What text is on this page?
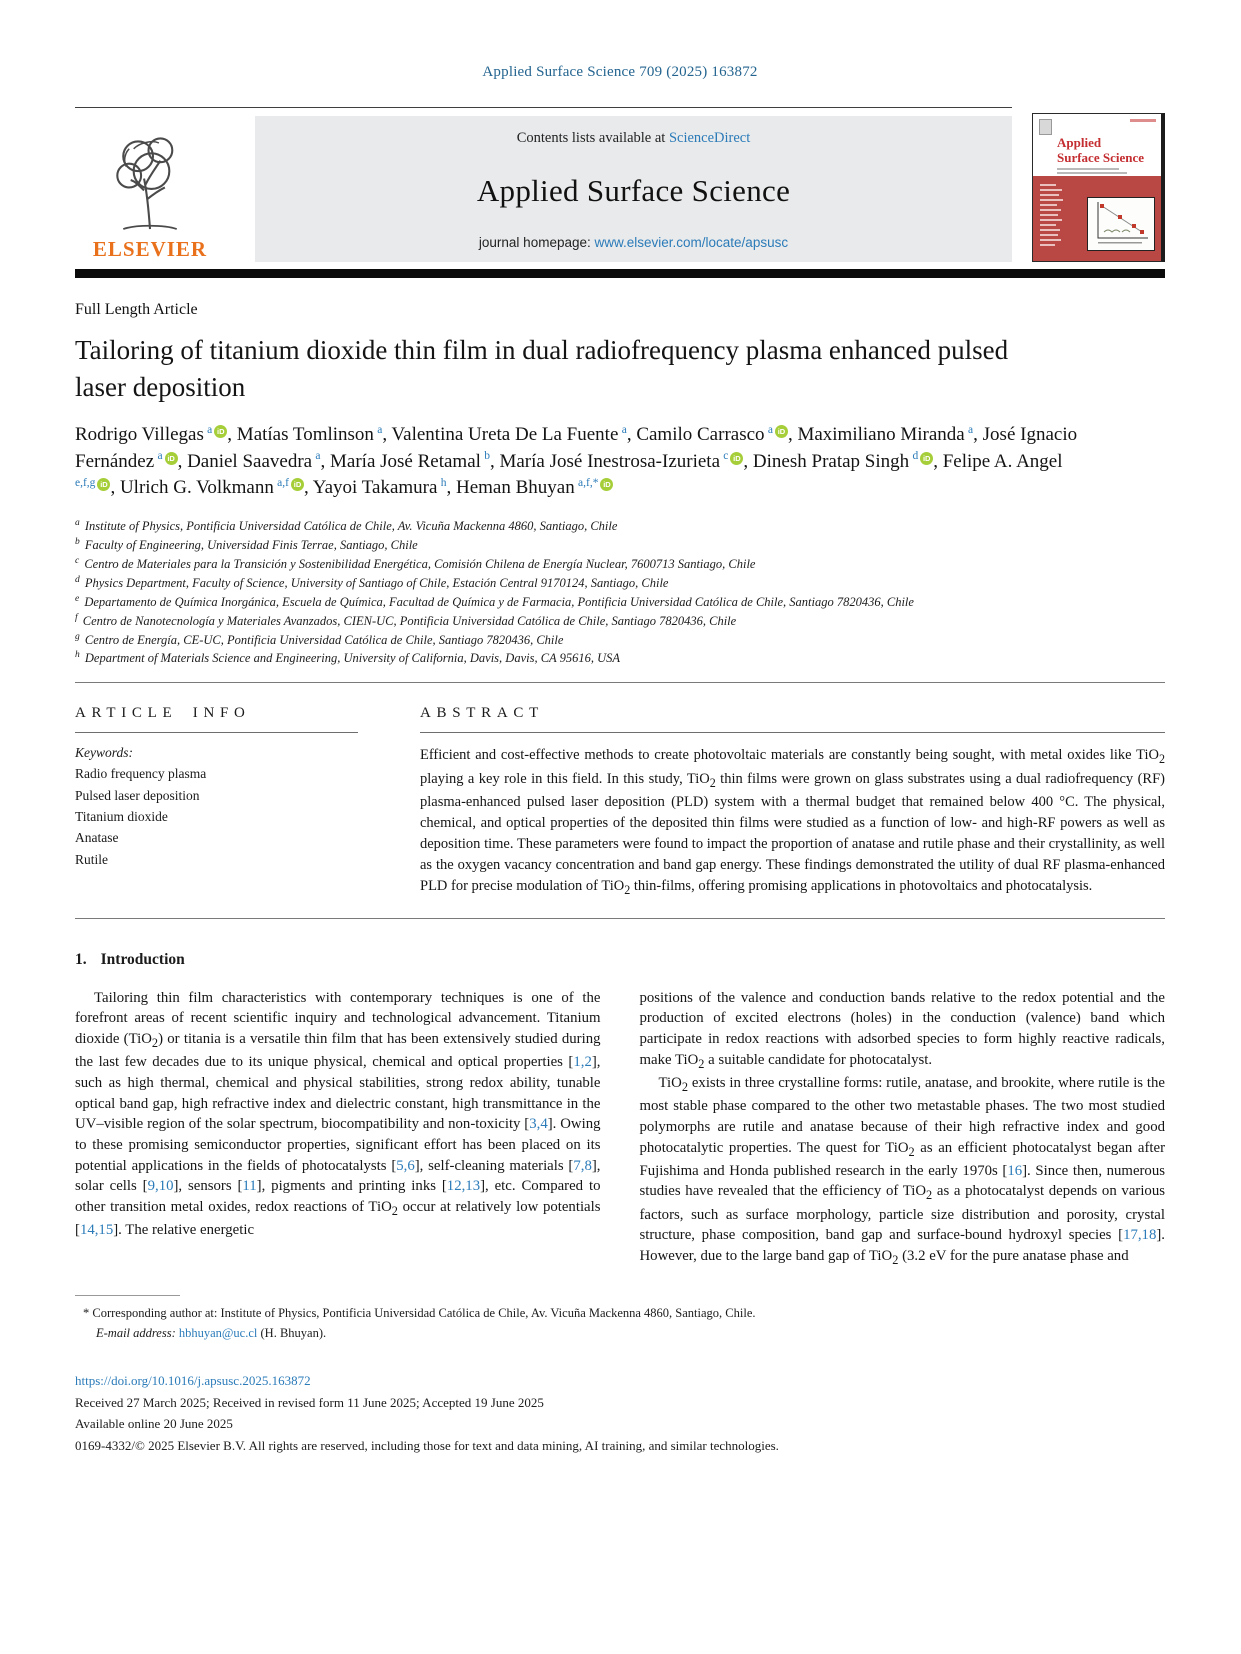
Applied Surface Science 709 (2025) 163872
ELSEVIER
Contents lists available at ScienceDirect
Applied Surface Science
journal homepage: www.elsevier.com/locate/apsusc
Applied
Surface Science
Full Length Article
Tailoring of titanium dioxide thin film in dual radiofrequency plasma enhanced pulsed laser deposition
Rodrigo Villegas $^a$ iD , Matías Tomlinson $^a$, Valentina Ureta De La Fuente $^a$, Camilo Carrasco $^a$ iD , Maximiliano Miranda $^a$, José Ignacio Fernández $^a$ iD , Daniel Saavedra $^a$, María José Retamal $^b$, María José Inestrosa-Izurieta $^c$ iD , Dinesh Pratap Singh $^d$ iD , Felipe A. Angel $^{e,f,g}$ iD , Ulrich G. Volkmann $^{a,f}$ iD , Yayoi Takamura $^h$, Heman Bhuyan $^{a,f,*}$ iD
$^a$ Institute of Physics, Pontificia Universidad Católica de Chile, Av. Vicuña Mackenna 4860, Santiago, Chile
$^b$ Faculty of Engineering, Universidad Finis Terrae, Santiago, Chile
$^c$ Centro de Materiales para la Transición y Sostenibilidad Energética, Comisión Chilena de Energía Nuclear, 7600713 Santiago, Chile
$^d$ Physics Department, Faculty of Science, University of Santiago of Chile, Estación Central 9170124, Santiago, Chile
$^e$ Departamento de Química Inorgánica, Escuela de Química, Facultad de Química y de Farmacia, Pontificia Universidad Católica de Chile, Santiago 7820436, Chile
$^f$ Centro de Nanotecnología y Materiales Avanzados, CIEN-UC, Pontificia Universidad Católica de Chile, Santiago 7820436, Chile
$^g$ Centro de Energía, CE-UC, Pontificia Universidad Católica de Chile, Santiago 7820436, Chile
$^h$ Department of Materials Science and Engineering, University of California, Davis, Davis, CA 95616, USA
ARTICLE INFO
Keywords:
Radio frequency plasma
Pulsed laser deposition
Titanium dioxide
Anatase
Rutile
ABSTRACT
Efficient and cost-effective methods to create photovoltaic materials are constantly being sought, with metal oxides like TiO$_2$ playing a key role in this field. In this study, TiO$_2$ thin films were grown on glass substrates using a dual radiofrequency (RF) plasma-enhanced pulsed laser deposition (PLD) system with a thermal budget that remained below 400 °C. The physical, chemical, and optical properties of the deposited thin films were studied as a function of low- and high-RF powers as well as deposition time. These parameters were found to impact the proportion of anatase and rutile phase and their crystallinity, as well as the oxygen vacancy concentration and band gap energy. These findings demonstrated the utility of dual RF plasma-enhanced PLD for precise modulation of TiO$_2$ thin-films, offering promising applications in photovoltaics and photocatalysis.
1. Introduction

Tailoring thin film characteristics with contemporary techniques is one of the forefront areas of recent scientific inquiry and technological advancement. Titanium dioxide (TiO$_2$) or titania is a versatile thin film that has been extensively studied during the last few decades due to its unique physical, chemical and optical properties [1,2], such as high thermal, chemical and physical stabilities, strong redox ability, tunable optical band gap, high refractive index and dielectric constant, high transmittance in the UV–visible region of the solar spectrum, biocompatibility and non-toxicity [3,4]. Owing to these promising semiconductor properties, significant effort has been placed on its potential applications in the fields of photocatalysts [5,6], self-cleaning materials [7,8], solar cells [9,10], sensors [11], pigments and printing inks [12,13], etc. Compared to other transition metal oxides, redox reactions of TiO$_2$ occur at relatively low potentials [14,15]. The relative energetic

positions of the valence and conduction bands relative to the redox potential and the production of excited electrons (holes) in the conduction (valence) band which participate in redox reactions with adsorbed species to form highly reactive radicals, make TiO$_2$ a suitable candidate for photocatalyst.

TiO$_2$ exists in three crystalline forms: rutile, anatase, and brookite, where rutile is the most stable phase compared to the other two metastable phases. The two most studied polymorphs are rutile and anatase because of their high refractive index and good photocatalytic properties. The quest for TiO$_2$ as an efficient photocatalyst began after Fujishima and Honda published research in the early 1970s [16]. Since then, numerous studies have revealed that the efficiency of TiO$_2$ as a photocatalyst depends on various factors, such as surface morphology, particle size distribution and porosity, crystal structure, phase composition, band gap and surface-bound hydroxyl species [17,18]. However, due to the large band gap of TiO$_2$ (3.2 eV for the pure anatase phase and

* Corresponding author at: Institute of Physics, Pontificia Universidad Católica de Chile, Av. Vicuña Mackenna 4860, Santiago, Chile.
E-mail address: hbhuyan@uc.cl (H. Bhuyan).
https://doi.org/10.1016/j.apsusc.2025.163872
Received 27 March 2025; Received in revised form 11 June 2025; Accepted 19 June 2025
Available online 20 June 2025
0169-4332/© 2025 Elsevier B.V. All rights are reserved, including those for text and data mining, AI training, and similar technologies.
